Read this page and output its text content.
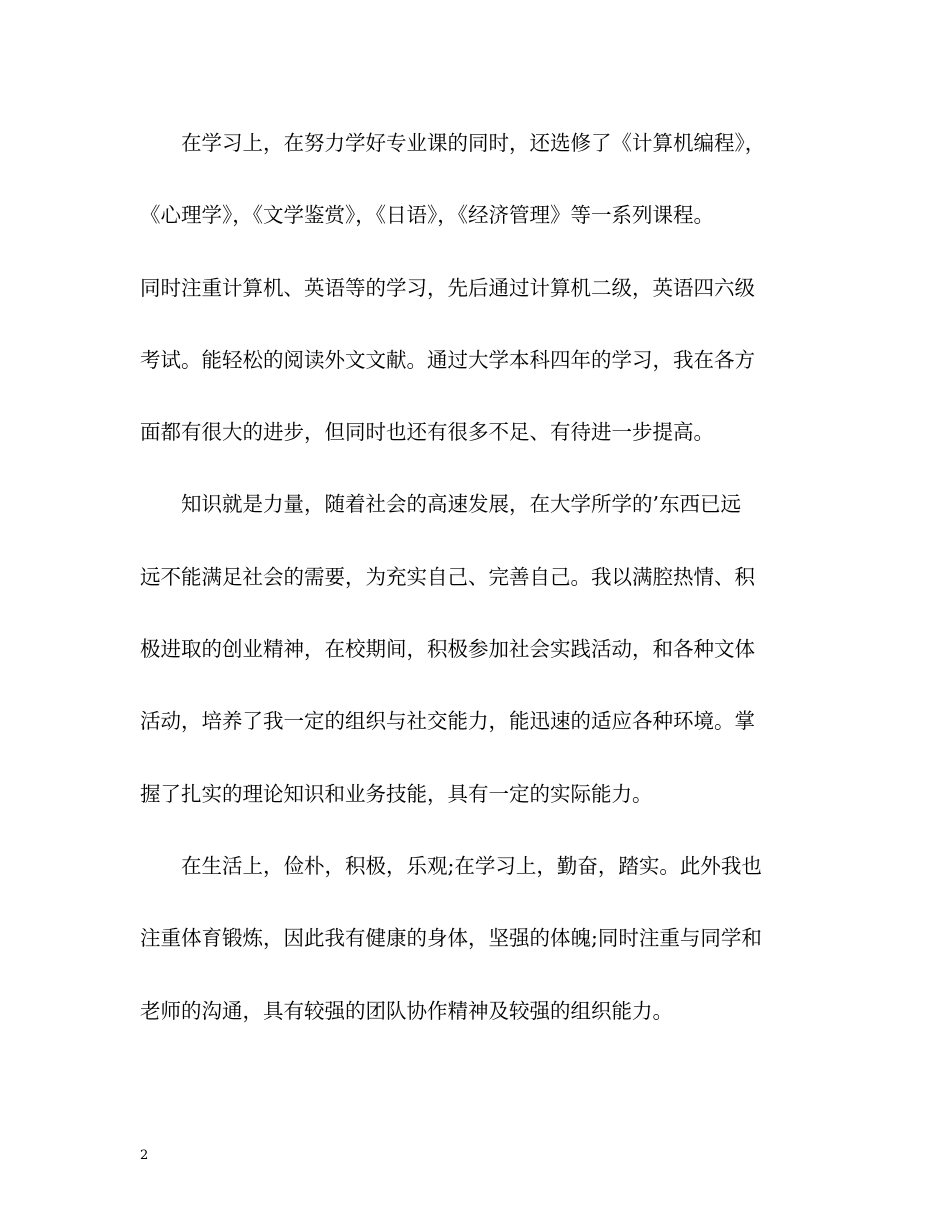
在学习上，在努力学好专业课的同时，还选修了《计算机编程》，
《心理学》，《文学鉴赏》，《日语》，《经济管理》等一系列课程。
同时注重计算机、英语等的学习，先后通过计算机二级，英语四六级
考试。能轻松的阅读外文文献。通过大学本科四年的学习，我在各方
面都有很大的进步，但同时也还有很多不足、有待进一步提高。
知识就是力量，随着社会的高速发展，在大学所学的’东西已远
远不能满足社会的需要，为充实自己、完善自己。我以满腔热情、积
极进取的创业精神，在校期间，积极参加社会实践活动，和各种文体
活动，培养了我一定的组织与社交能力，能迅速的适应各种环境。掌
握了扎实的理论知识和业务技能，具有一定的实际能力。
在生活上，俭朴，积极，乐观;在学习上，勤奋，踏实。此外我也
注重体育锻炼，因此我有健康的身体，坚强的体魄;同时注重与同学和
老师的沟通，具有较强的团队协作精神及较强的组织能力。
2
